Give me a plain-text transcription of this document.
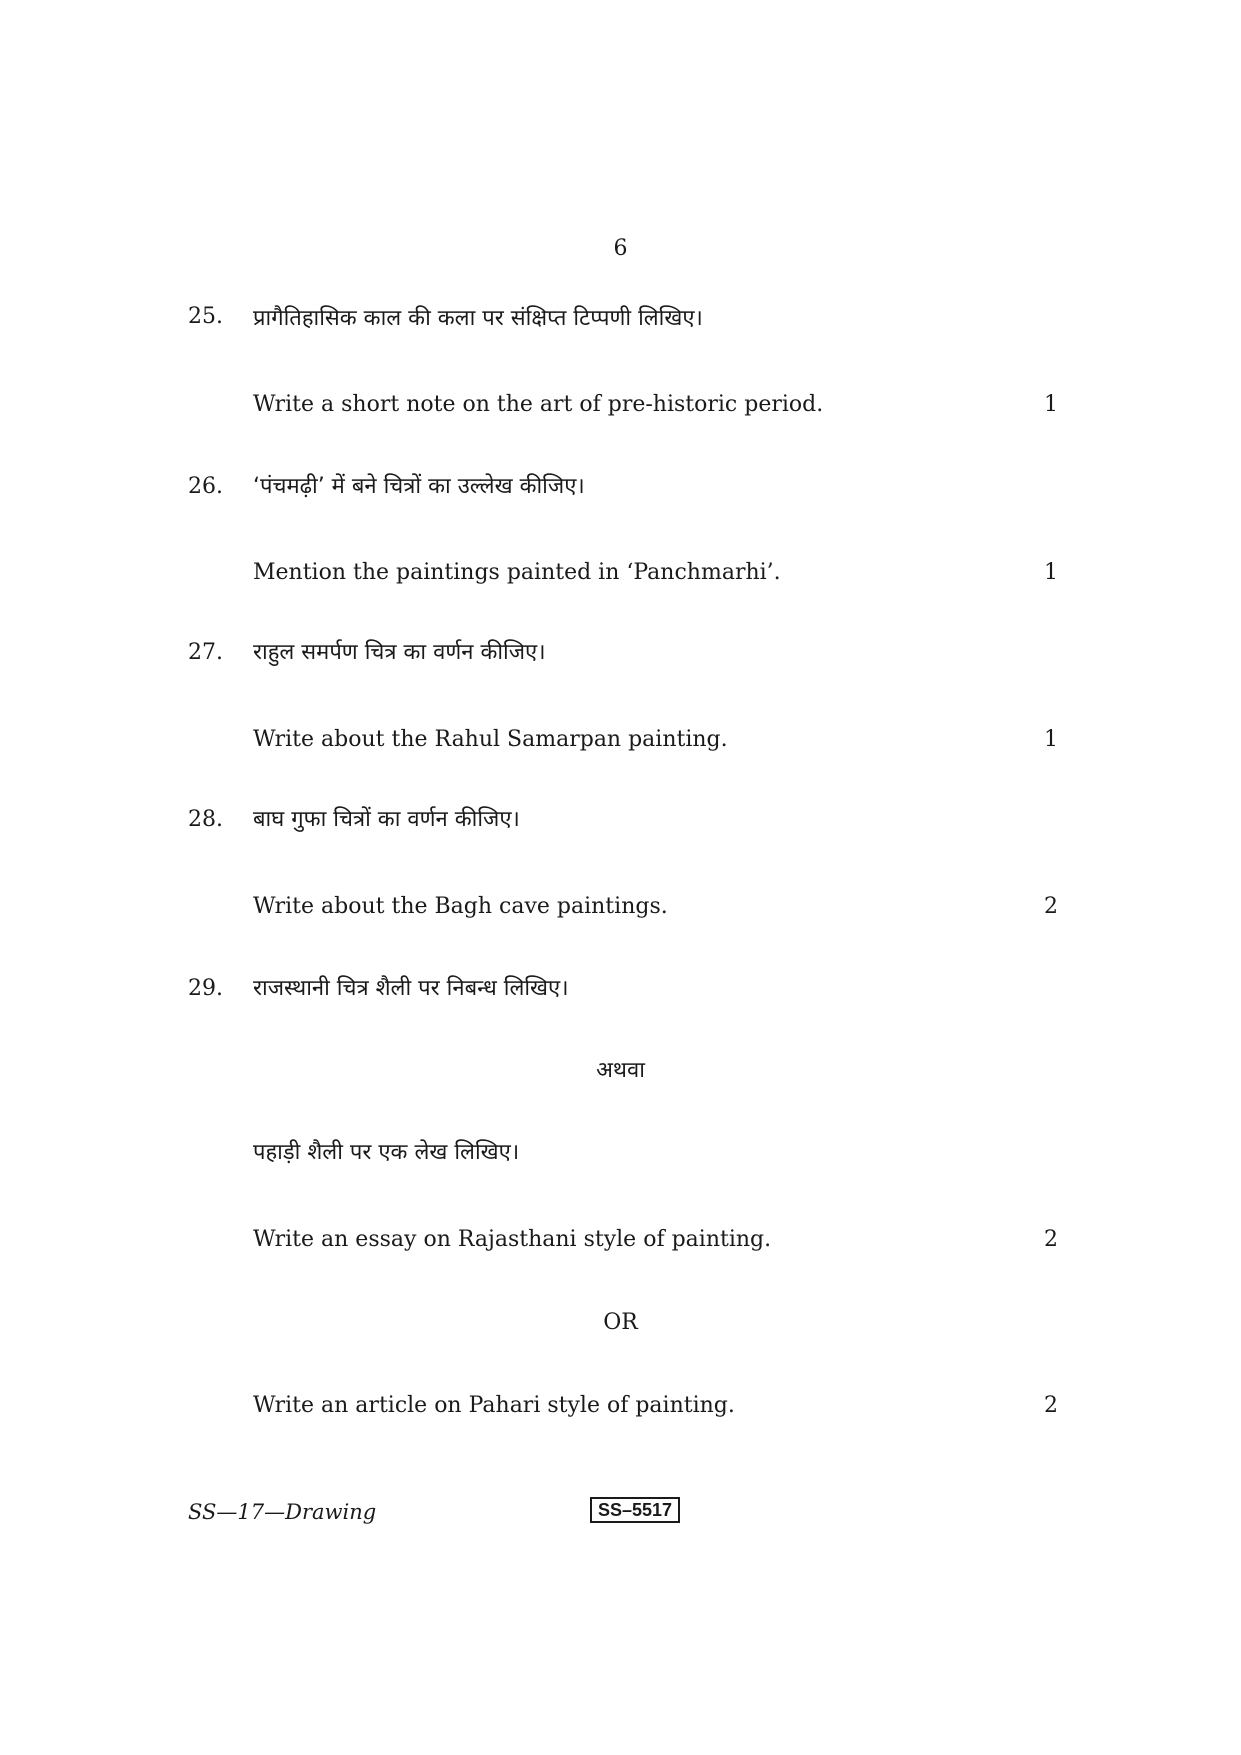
6
25. प्रागैतिहासिक काल की कला पर संक्षिप्त टिप्पणी लिखिए।
Write a short note on the art of pre-historic period.	1
26. ‘पंचमढ़ी’ में बने चित्रों का उल्लेख कीजिए।
Mention the paintings painted in ‘Panchmarhi’.	1
27. राहुल समर्पण चित्र का वर्णन कीजिए।
Write about the Rahul Samarpan painting.	1
28. बाघ गुफा चित्रों का वर्णन कीजिए।
Write about the Bagh cave paintings.	2
29. राजस्थानी चित्र शैली पर निबन्ध लिखिए।
अथवा
पहाड़ी शैली पर एक लेख लिखिए।
Write an essay on Rajasthani style of painting.	2
OR
Write an article on Pahari style of painting.	2
SS—17—Drawing	SS–5517
